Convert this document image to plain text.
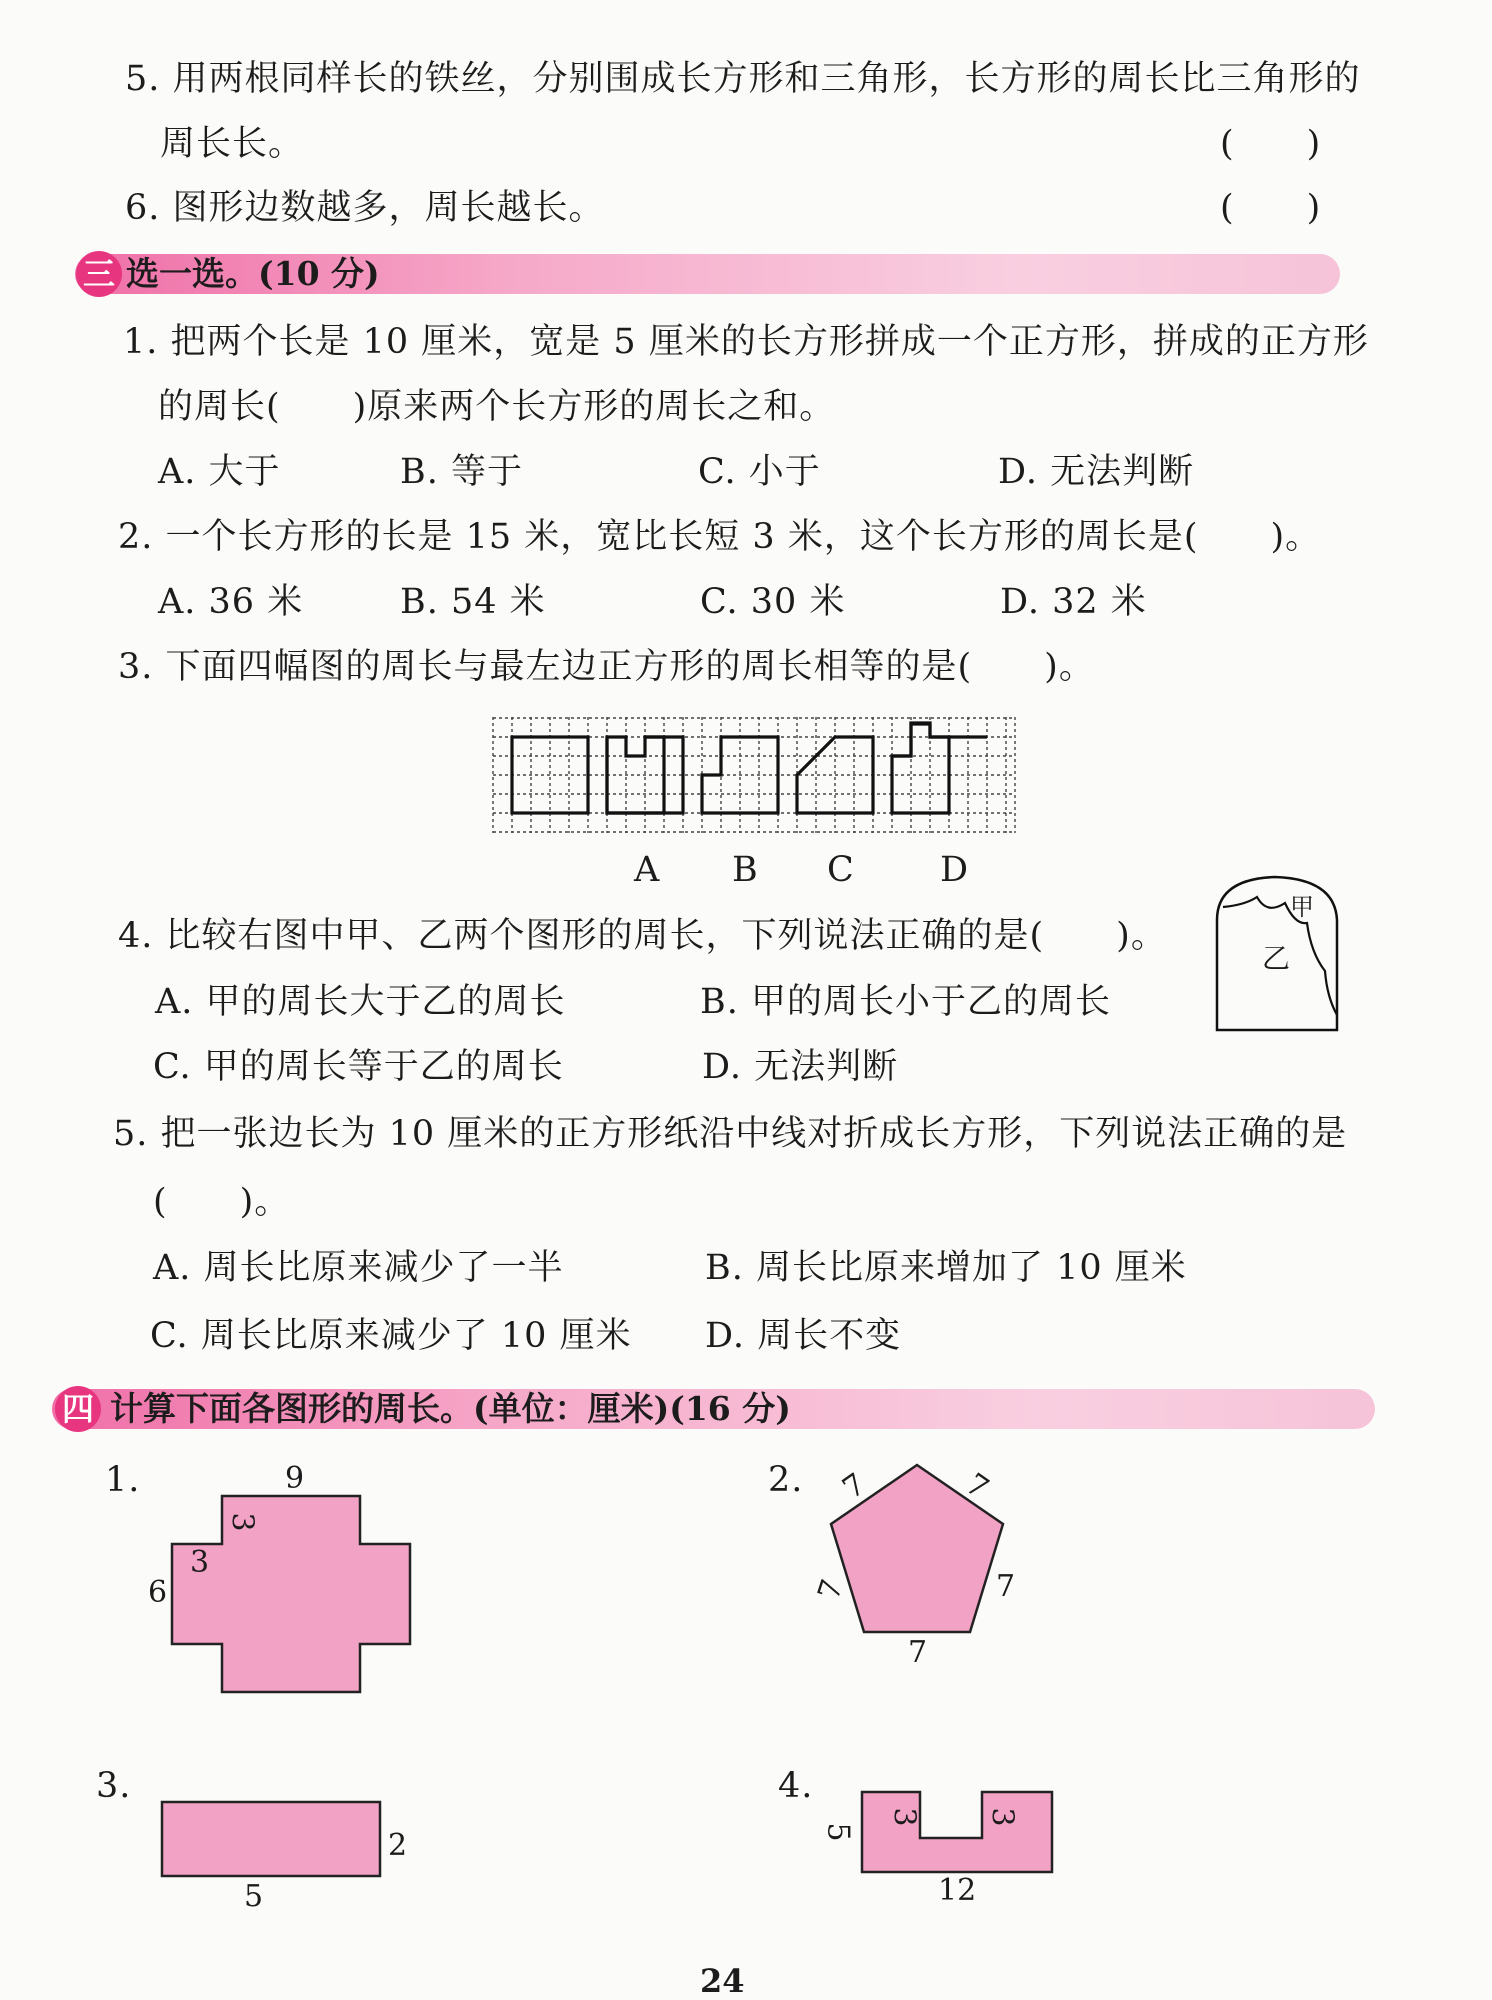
5. 用两根同样长的铁丝，分别围成长方形和三角形，长方形的周长比三角形的
周长长。	(　　)
6. 图形边数越多，周长越长。	(　　)
三 选一选。(10 分)
1. 把两个长是 10 厘米，宽是 5 厘米的长方形拼成一个正方形，拼成的正方形
的周长(　　)原来两个长方形的周长之和。
A. 大于	B. 等于	C. 小于	D. 无法判断
2. 一个长方形的长是 15 米，宽比长短 3 米，这个长方形的周长是(　　)。
A. 36 米	B. 54 米	C. 30 米	D. 32 米
3. 下面四幅图的周长与最左边正方形的周长相等的是(　　)。
A B C D
4. 比较右图中甲、乙两个图形的周长，下列说法正确的是(　　)。
甲
乙
A. 甲的周长大于乙的周长	B. 甲的周长小于乙的周长
C. 甲的周长等于乙的周长	D. 无法判断
5. 把一张边长为 10 厘米的正方形纸沿中线对折成长方形，下列说法正确的是
(　　)。
A. 周长比原来减少了一半	B. 周长比原来增加了 10 厘米
C. 周长比原来减少了 10 厘米 D. 周长不变
四 计算下面各图形的周长。(单位：厘米)(16 分)
1.	9
3
3
6
2. 7	7
7	7
7
3.
2
5
4.
5
3 3
12
24
